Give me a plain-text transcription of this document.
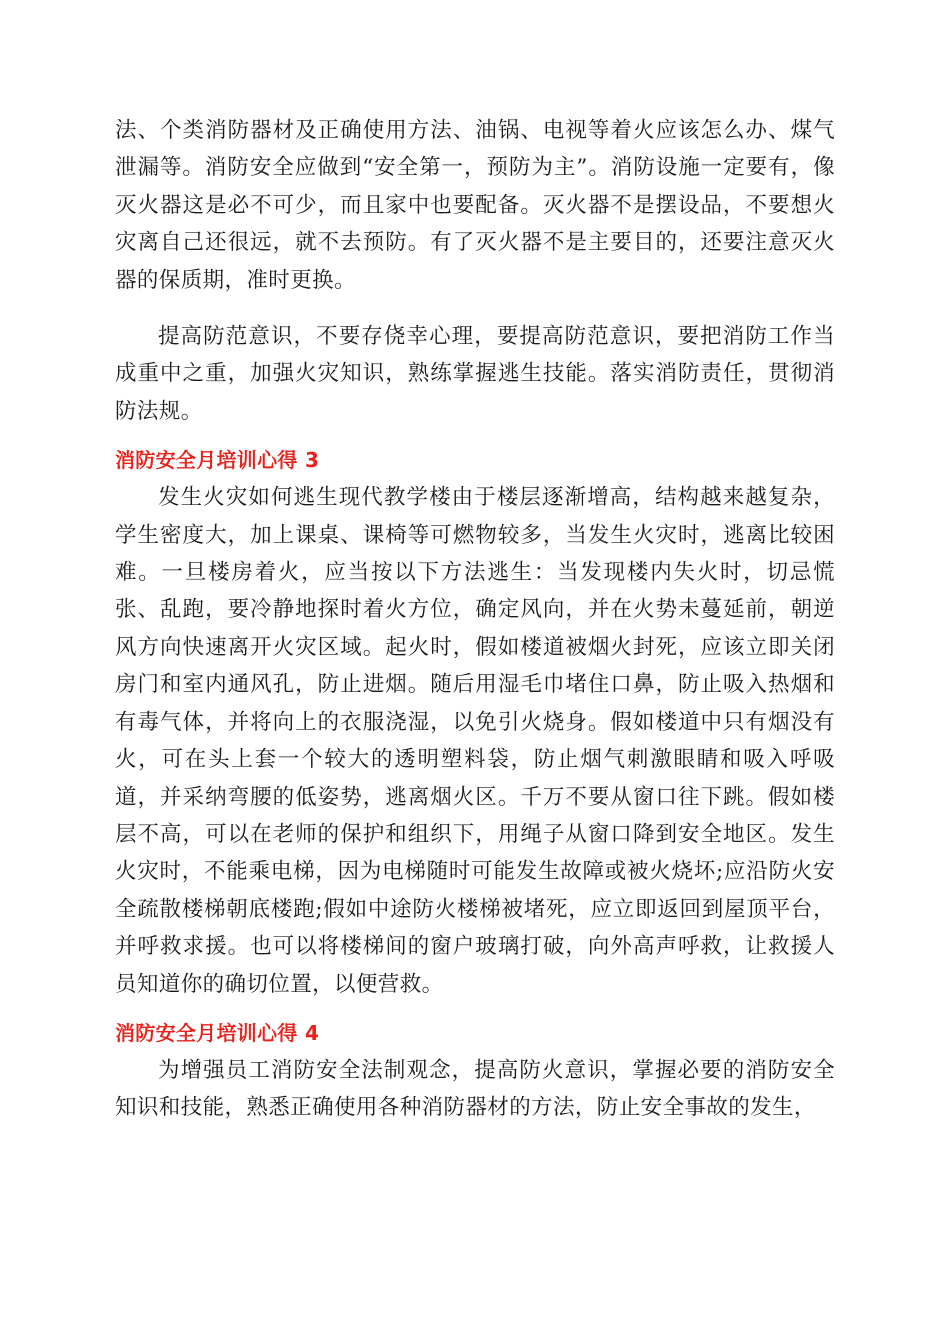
法、个类消防器材及正确使用方法、油锅、电视等着火应该怎么办、煤气泄漏等。消防安全应做到“安全第一，预防为主”。消防设施一定要有，像灭火器这是必不可少，而且家中也要配备。灭火器不是摆设品，不要想火灾离自己还很远，就不去预防。有了灭火器不是主要目的，还要注意灭火器的保质期，准时更换。

提高防范意识，不要存侥幸心理，要提高防范意识，要把消防工作当成重中之重，加强火灾知识，熟练掌握逃生技能。落实消防责任，贯彻消防法规。

消防安全月培训心得 3

发生火灾如何逃生现代教学楼由于楼层逐渐增高，结构越来越复杂，学生密度大，加上课桌、课椅等可燃物较多，当发生火灾时，逃离比较困难。一旦楼房着火，应当按以下方法逃生：当发现楼内失火时，切忌慌张、乱跑，要冷静地探时着火方位，确定风向，并在火势未蔓延前，朝逆风方向快速离开火灾区域。起火时，假如楼道被烟火封死，应该立即关闭房门和室内通风孔，防止进烟。随后用湿毛巾堵住口鼻，防止吸入热烟和有毒气体，并将向上的衣服浇湿，以免引火烧身。假如楼道中只有烟没有火，可在头上套一个较大的透明塑料袋，防止烟气刺激眼睛和吸入呼吸道，并采纳弯腰的低姿势，逃离烟火区。千万不要从窗口往下跳。假如楼层不高，可以在老师的保护和组织下，用绳子从窗口降到安全地区。发生火灾时，不能乘电梯，因为电梯随时可能发生故障或被火烧坏;应沿防火安全疏散楼梯朝底楼跑;假如中途防火楼梯被堵死，应立即返回到屋顶平台，并呼救求援。也可以将楼梯间的窗户玻璃打破，向外高声呼救，让救援人员知道你的确切位置，以便营救。

消防安全月培训心得 4

为增强员工消防安全法制观念，提高防火意识，掌握必要的消防安全知识和技能，熟悉正确使用各种消防器材的方法，防止安全事故的发生，
